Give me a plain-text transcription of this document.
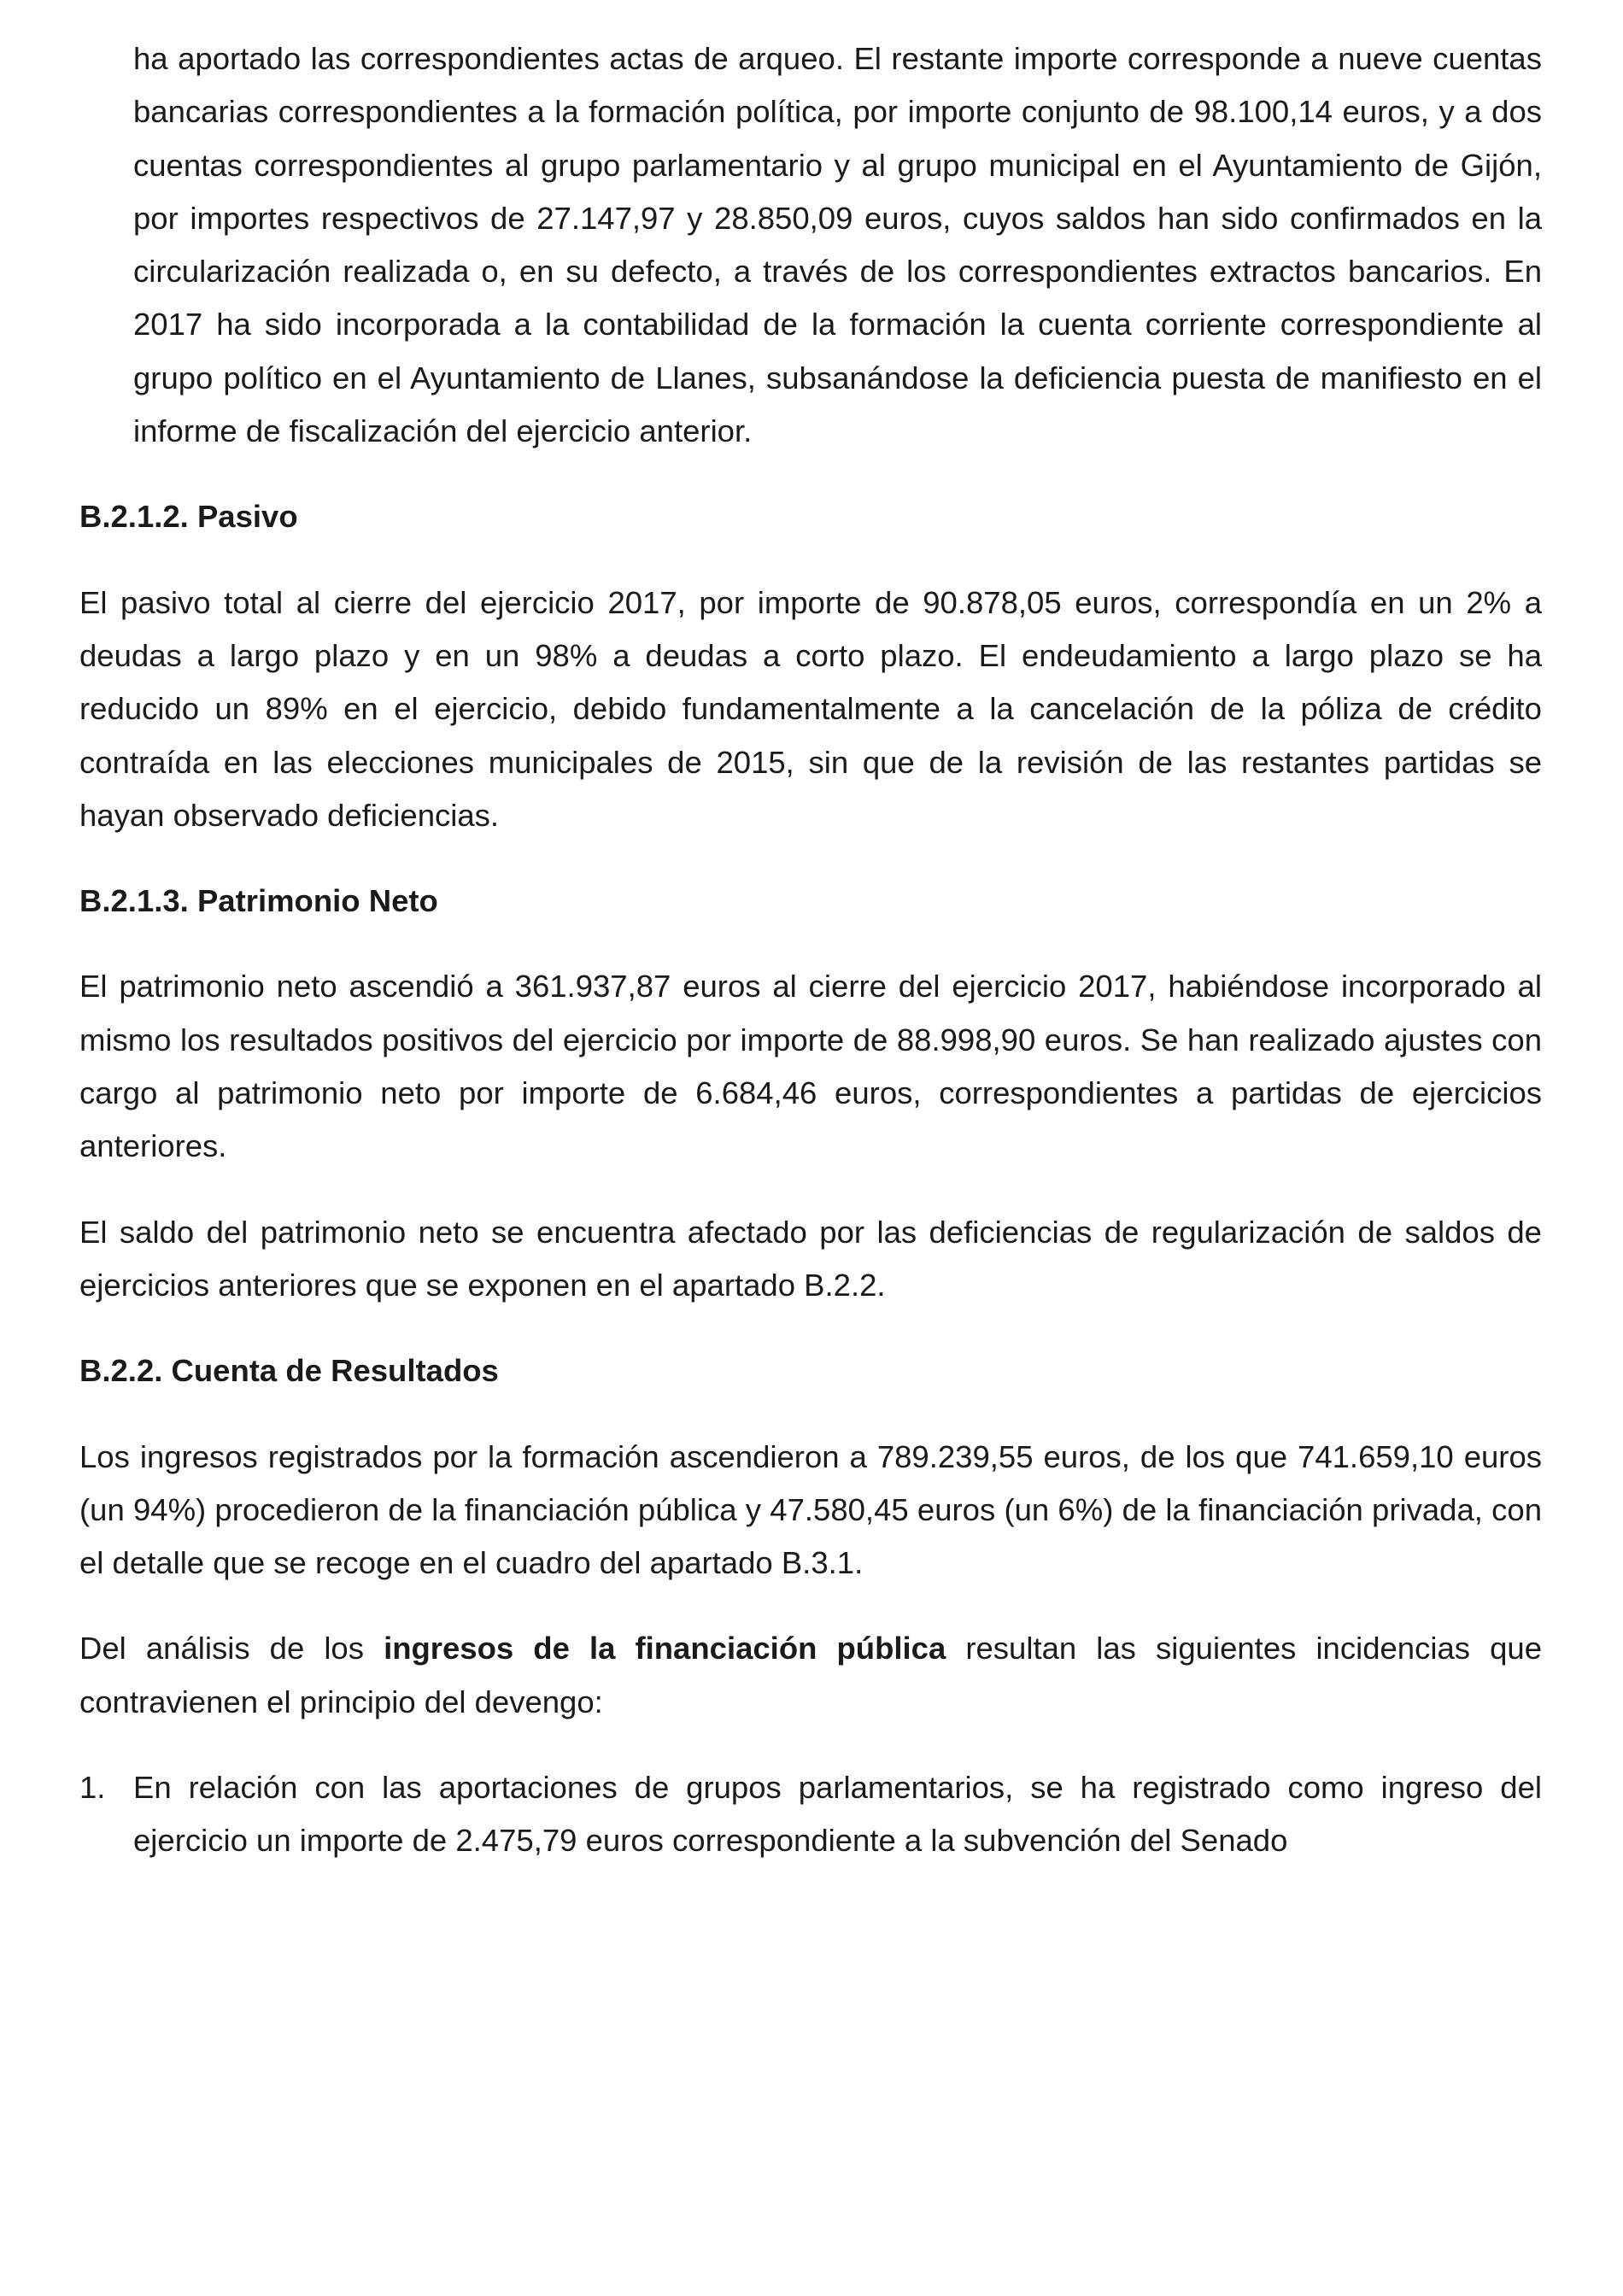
ha aportado las correspondientes actas de arqueo. El restante importe corresponde a nueve cuentas bancarias correspondientes a la formación política, por importe conjunto de 98.100,14 euros, y a dos cuentas correspondientes al grupo parlamentario y al grupo municipal en el Ayuntamiento de Gijón, por importes respectivos de 27.147,97 y 28.850,09 euros, cuyos saldos han sido confirmados en la circularización realizada o, en su defecto, a través de los correspondientes extractos bancarios. En 2017 ha sido incorporada a la contabilidad de la formación la cuenta corriente correspondiente al grupo político en el Ayuntamiento de Llanes, subsanándose la deficiencia puesta de manifiesto en el informe de fiscalización del ejercicio anterior.

B.2.1.2. Pasivo

El pasivo total al cierre del ejercicio 2017, por importe de 90.878,05 euros, correspondía en un 2% a deudas a largo plazo y en un 98% a deudas a corto plazo. El endeudamiento a largo plazo se ha reducido un 89% en el ejercicio, debido fundamentalmente a la cancelación de la póliza de crédito contraída en las elecciones municipales de 2015, sin que de la revisión de las restantes partidas se hayan observado deficiencias.

B.2.1.3. Patrimonio Neto

El patrimonio neto ascendió a 361.937,87 euros al cierre del ejercicio 2017, habiéndose incorporado al mismo los resultados positivos del ejercicio por importe de 88.998,90 euros. Se han realizado ajustes con cargo al patrimonio neto por importe de 6.684,46 euros, correspondientes a partidas de ejercicios anteriores.

El saldo del patrimonio neto se encuentra afectado por las deficiencias de regularización de saldos de ejercicios anteriores que se exponen en el apartado B.2.2.

B.2.2. Cuenta de Resultados

Los ingresos registrados por la formación ascendieron a 789.239,55 euros, de los que 741.659,10 euros (un 94%) procedieron de la financiación pública y 47.580,45 euros (un 6%) de la financiación privada, con el detalle que se recoge en el cuadro del apartado B.3.1.

Del análisis de los ingresos de la financiación pública resultan las siguientes incidencias que contravienen el principio del devengo:

1. En relación con las aportaciones de grupos parlamentarios, se ha registrado como ingreso del ejercicio un importe de 2.475,79 euros correspondiente a la subvención del Senado
